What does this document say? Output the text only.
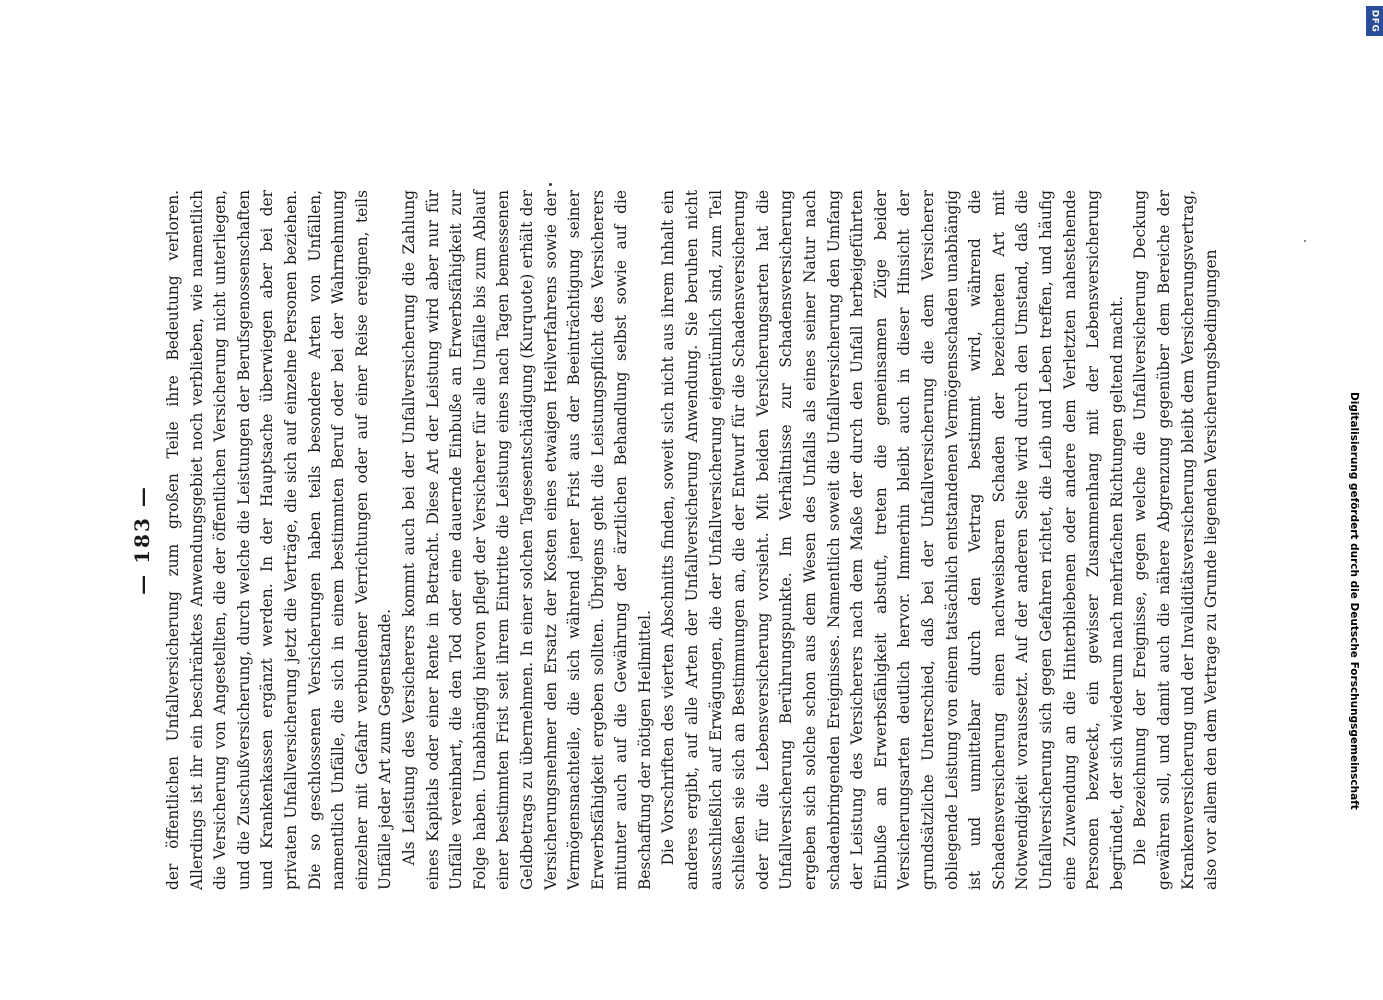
— 183 — der öffentlichen Unfallversicherung zum großen Teile ihre Bedeutung verloren. Allerdings ist ihr ein beschränktes Anwendungsgebiet noch verblieben, wie namentlich die Versicherung von Angestellten, die der öffentlichen Versicherung nicht unterliegen, und die Zuschußversicherung, durch welche die Leistungen der Berufsgenossenschaften und Krankenkassen ergänzt werden. In der Hauptsache überwiegen aber bei der privaten Unfallversicherung jetzt die Verträge, die sich auf einzelne Personen beziehen. Die so geschlossenen Versicherungen haben teils besondere Arten von Unfällen, namentlich Unfälle, die sich in einem bestimmten Beruf oder bei der Wahrnehmung einzelner mit Gefahr verbundener Verrichtungen oder auf einer Reise ereignen, teils Unfälle jeder Art zum Gegenstande. Als Leistung des Versicherers kommt auch bei der Unfallversicherung die Zahlung eines Kapitals oder einer Rente in Betracht. Diese Art der Leistung wird aber nur für Unfälle vereinbart, die den Tod oder eine dauernde Einbuße an Erwerbsfähigkeit zur Folge haben. Unabhängig hiervon pflegt der Versicherer für alle Unfälle bis zum Ablauf einer bestimmten Frist seit ihrem Eintritte die Leistung eines nach Tagen bemessenen Geldbetrags zu übernehmen. In einer solchen Tagesentschädigung (Kurquote) erhält der Versicherungsnehmer den Ersatz der Kosten eines etwaigen Heilverfahrens sowie der Vermögensnachteile, die sich während jener Frist aus der Beeinträchtigung seiner Erwerbsfähigkeit ergeben sollten. Übrigens geht die Leistungspflicht des Versicherers mitunter auch auf die Gewährung der ärztlichen Behandlung selbst sowie auf die Beschaffung der nötigen Heilmittel. Die Vorschriften des vierten Abschnitts finden, soweit sich nicht aus ihrem Inhalt ein anderes ergibt, auf alle Arten der Unfallversicherung Anwendung. Sie beruhen nicht ausschließlich auf Erwägungen, die der Unfallversicherung eigentümlich sind, zum Teil schließen sie sich an Bestimmungen an, die der Entwurf für die Schadensversicherung oder für die Lebensversicherung vorsieht. Mit beiden Versicherungsarten hat die Unfallversicherung Berührungspunkte. Im Verhältnisse zur Schadensversicherung ergeben sich solche schon aus dem Wesen des Unfalls als eines seiner Natur nach schadenbringenden Ereignisses. Namentlich soweit die Unfallversicherung den Umfang der Leistung des Versicherers nach dem Maße der durch den Unfall herbeigeführten Einbuße an Erwerbsfähigkeit abstuft, treten die gemeinsamen Züge beider Versicherungsarten deutlich hervor. Immerhin bleibt auch in dieser Hinsicht der grundsätzliche Unterschied, daß bei der Unfallversicherung die dem Versicherer obliegende Leistung von einem tatsächlich entstandenen Vermögensschaden unabhängig ist und unmittelbar durch den Vertrag bestimmt wird, während die Schadensversicherung einen nachweisbaren Schaden der bezeichneten Art mit Notwendigkeit voraussetzt. Auf der anderen Seite wird durch den Umstand, daß die Unfallversicherung sich gegen Gefahren richtet, die Leib und Leben treffen, und häufig eine Zuwendung an die Hinterbliebenen oder andere dem Verletzten nahestehende Personen bezweckt, ein gewisser Zusammenhang mit der Lebensversicherung begründet, der sich wiederum nach mehrfachen Richtungen geltend macht. Die Bezeichnung der Ereignisse, gegen welche die Unfallversicherung Deckung gewähren soll, und damit auch die nähere Abgrenzung gegenüber dem Bereiche der Krankenversicherung und der Invaliditätsversicherung bleibt dem Versicherungsvertrag, also vor allem den dem Vertrage zu Grunde liegenden Versicherungsbedingungen

DFG
Digitalisierung gefördert durch die Deutsche Forschungsgemeinschaft
